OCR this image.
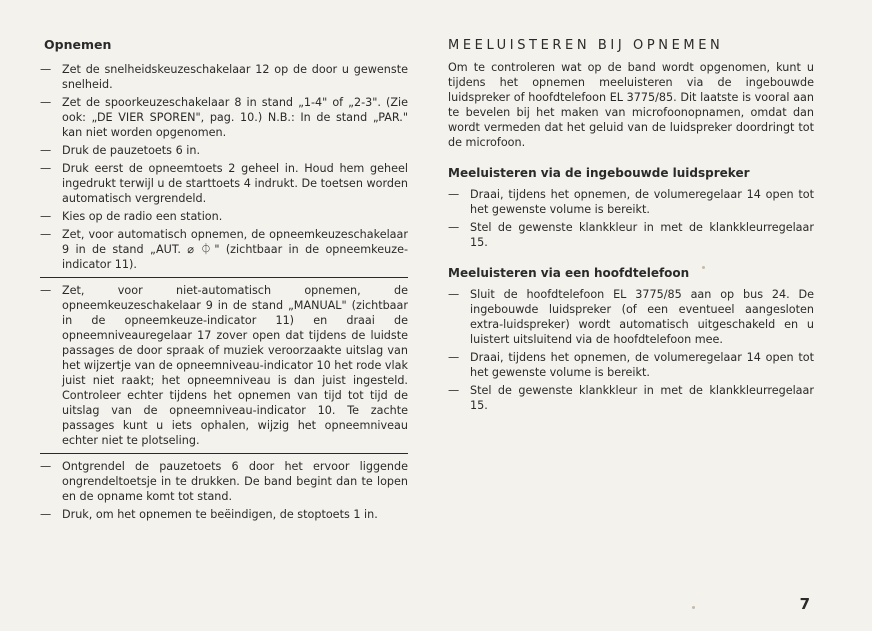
Opnemen
— Zet de snelheidskeuzeschakelaar 12 op de door u gewenste snelheid.
— Zet de spoorkeuzeschakelaar 8 in stand „1-4" of „2-3". (Zie ook: „DE VIER SPOREN", pag. 10.) N.B.: In de stand „PAR." kan niet worden opgenomen.
— Druk de pauzetoets 6 in.
— Druk eerst de opneemtoets 2 geheel in. Houd hem geheel ingedrukt terwijl u de starttoets 4 indrukt. De toetsen worden automatisch vergrendeld.
— Kies op de radio een station.
— Zet, voor automatisch opnemen, de opneemkeuzeschakelaar 9 in de stand „AUT. ⌀ ⏀" (zichtbaar in de opneemkeuze-indicator 11).
— Zet, voor niet-automatisch opnemen, de opneemkeuzeschakelaar 9 in de stand „MANUAL" (zichtbaar in de opneemkeuze-indicator 11) en draai de opneemniveauregelaar 17 zover open dat tijdens de luidste passages de door spraak of muziek veroorzaakte uitslag van het wijzertje van de opneemniveau-indicator 10 het rode vlak juist niet raakt; het opneemniveau is dan juist ingesteld. Controleer echter tijdens het opnemen van tijd tot tijd de uitslag van de opneemniveau-indicator 10. Te zachte passages kunt u iets ophalen, wijzig het opneemniveau echter niet te plotseling.
— Ontgrendel de pauzetoets 6 door het ervoor liggende ongrendeltoetsje in te drukken. De band begint dan te lopen en de opname komt tot stand.
— Druk, om het opnemen te beëindigen, de stoptoets 1 in.
MEELUISTEREN BIJ OPNEMEN

Om te controleren wat op de band wordt opgenomen, kunt u tijdens het opnemen meeluisteren via de ingebouwde luidspreker of hoofdtelefoon EL 3775/85. Dit laatste is vooral aan te bevelen bij het maken van microfoonopnamen, omdat dan wordt vermeden dat het geluid van de luidspreker doordringt tot de microfoon.

Meeluisteren via de ingebouwde luidspreker
— Draai, tijdens het opnemen, de volumeregelaar 14 open tot het gewenste volume is bereikt.
— Stel de gewenste klankkleur in met de klankkleurregelaar 15.
Meeluisteren via een hoofdtelefoon
— Sluit de hoofdtelefoon EL 3775/85 aan op bus 24. De ingebouwde luidspreker (of een eventueel aangesloten extra-luidspreker) wordt automatisch uitgeschakeld en u luistert uitsluitend via de hoofdtelefoon mee.
— Draai, tijdens het opnemen, de volumeregelaar 14 open tot het gewenste volume is bereikt.
— Stel de gewenste klankkleur in met de klankkleurregelaar 15.
7
